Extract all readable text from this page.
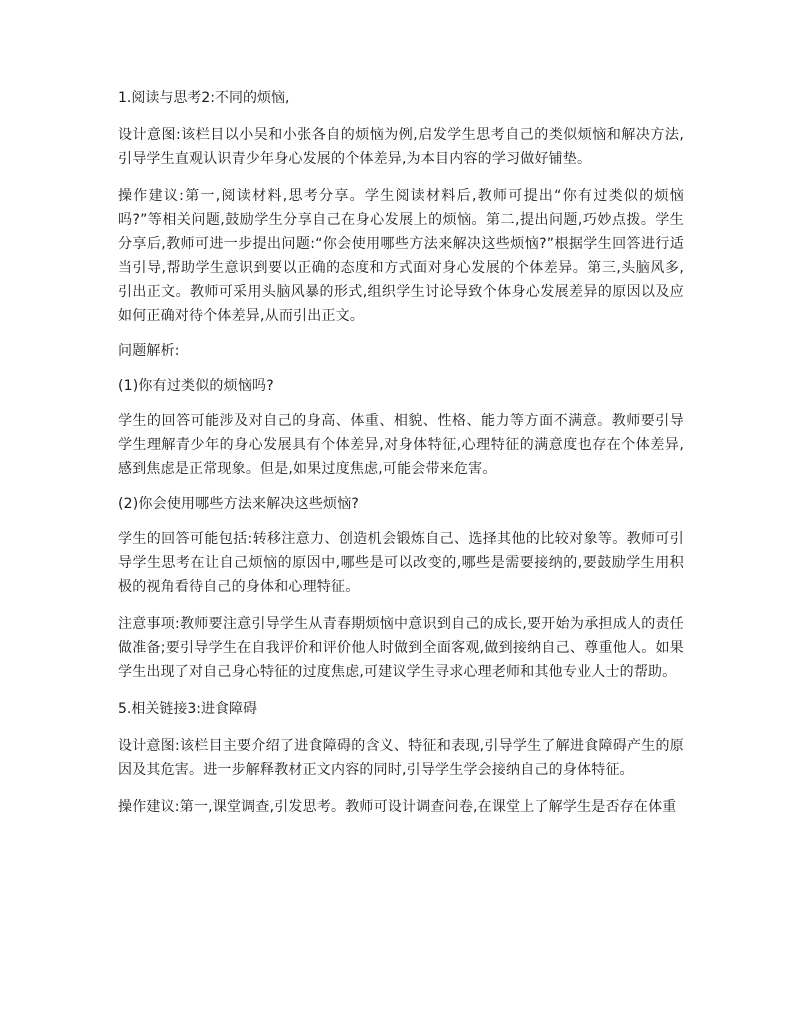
1.阅读与思考2:不同的烦恼,

设计意图:该栏目以小吴和小张各自的烦恼为例,启发学生思考自己的类似烦恼和解决方法,引导学生直观认识青少年身心发展的个体差异,为本目内容的学习做好铺垫。

操作建议:第一,阅读材料,思考分享。学生阅读材料后,教师可提出“你有过类似的烦恼吗?”等相关问题,鼓励学生分享自己在身心发展上的烦恼。第二,提出问题,巧妙点拨。学生分享后,教师可进一步提出问题:“你会使用哪些方法来解决这些烦恼?”根据学生回答进行适当引导,帮助学生意识到要以正确的态度和方式面对身心发展的个体差异。第三,头脑风多,引出正文。教师可采用头脑风暴的形式,组织学生讨论导致个体身心发展差异的原因以及应如何正确对待个体差异,从而引出正文。

问题解析:

(1)你有过类似的烦恼吗?

学生的回答可能涉及对自己的身高、体重、相貌、性格、能力等方面不满意。教师要引导学生理解青少年的身心发展具有个体差异,对身体特征,心理特征的满意度也存在个体差异,感到焦虑是正常现象。但是,如果过度焦虑,可能会带来危害。

(2)你会使用哪些方法来解决这些烦恼?

学生的回答可能包括:转移注意力、创造机会锻炼自己、选择其他的比较对象等。教师可引导学生思考在让自己烦恼的原因中,哪些是可以改变的,哪些是需要接纳的,要鼓励学生用积极的视角看待自己的身体和心理特征。

注意事项:教师要注意引导学生从青春期烦恼中意识到自己的成长,要开始为承担成人的责任做准备;要引导学生在自我评价和评价他人时做到全面客观,做到接纳自己、尊重他人。如果学生出现了对自己身心特征的过度焦虑,可建议学生寻求心理老师和其他专业人士的帮助。

5.相关链接3:进食障碍

设计意图:该栏目主要介绍了进食障碍的含义、特征和表现,引导学生了解进食障碍产生的原因及其危害。进一步解释教材正文内容的同时,引导学生学会接纳自己的身体特征。

操作建议:第一,课堂调查,引发思考。教师可设计调查问卷,在课堂上了解学生是否存在体重
